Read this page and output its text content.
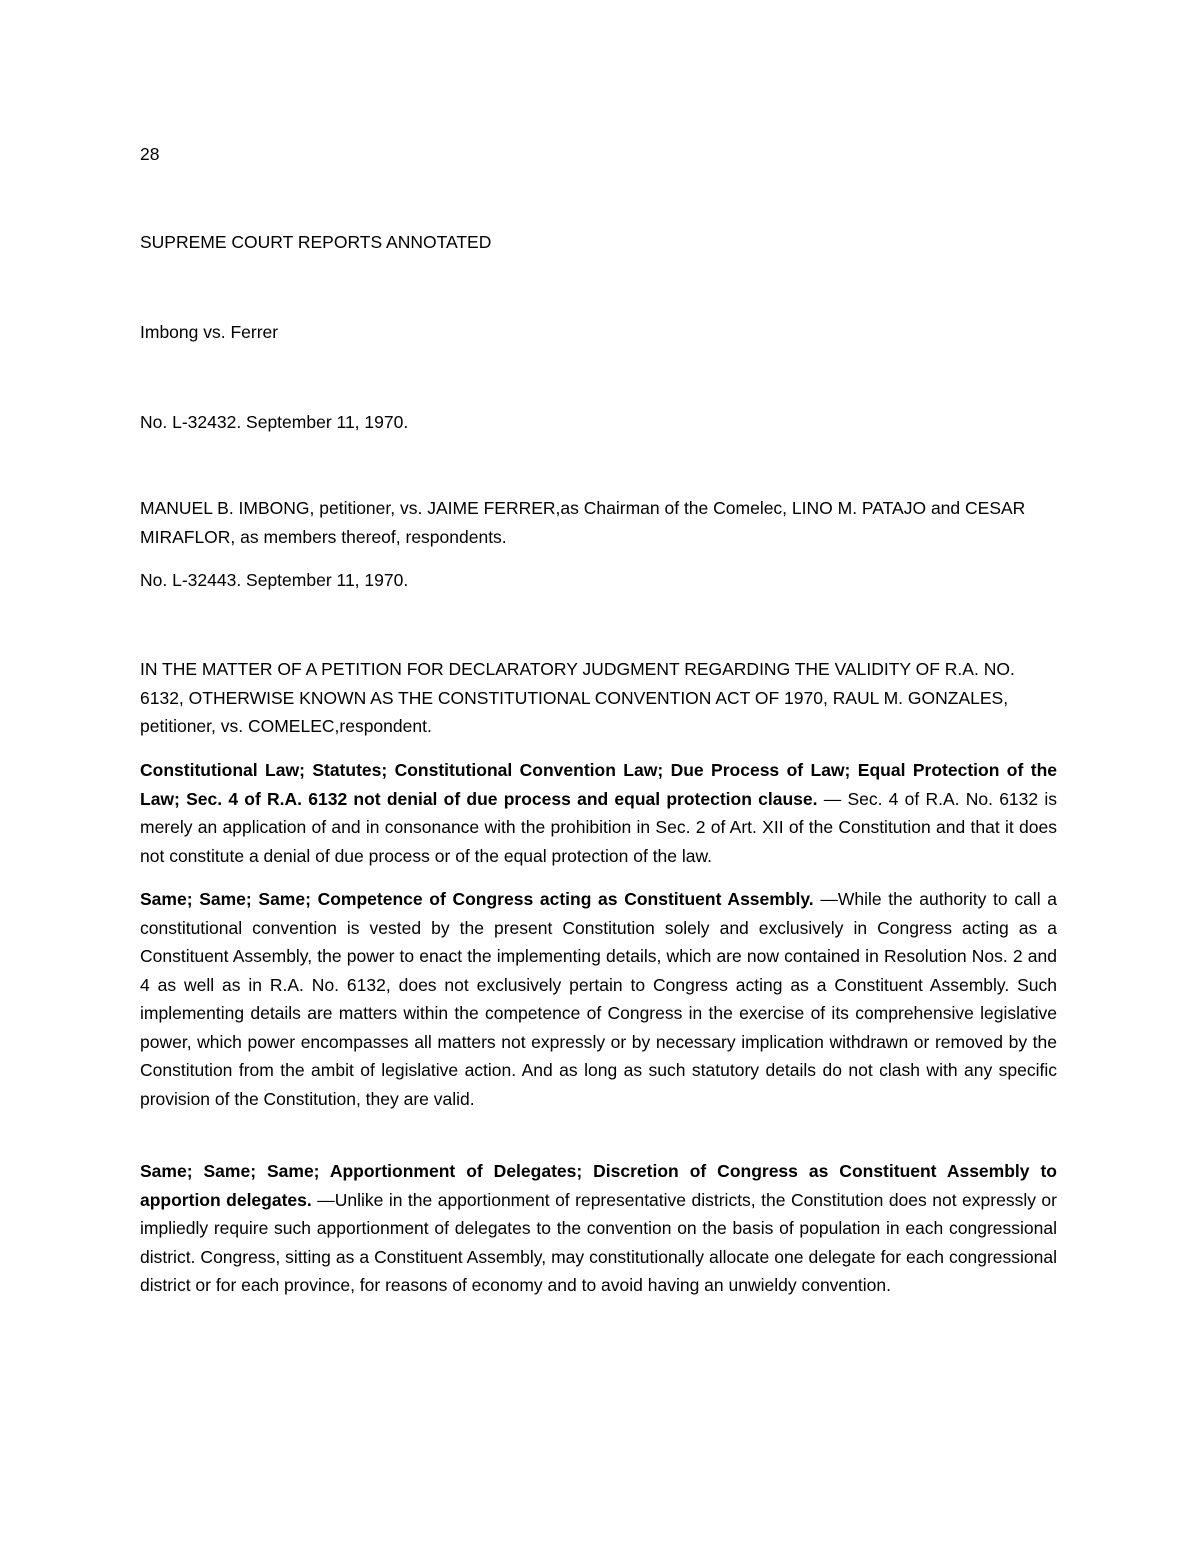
28

SUPREME COURT REPORTS ANNOTATED

Imbong vs. Ferrer

No. L-32432. September 11, 1970.

MANUEL B. IMBONG, petitioner, vs. JAIME FERRER,as Chairman of the Comelec, LINO M. PATAJO and CESAR MIRAFLOR, as members thereof, respondents.

No. L-32443. September 11, 1970.

IN THE MATTER OF A PETITION FOR DECLARATORY JUDGMENT REGARDING THE VALIDITY OF R.A. NO. 6132, OTHERWISE KNOWN AS THE CONSTITUTIONAL CONVENTION ACT OF 1970, RAUL M. GONZALES, petitioner, vs. COMELEC,respondent.

Constitutional Law; Statutes; Constitutional Convention Law; Due Process of Law; Equal Protection of the Law; Sec. 4 of R.A. 6132 not denial of due process and equal protection clause. — Sec. 4 of R.A. No. 6132 is merely an application of and in consonance with the prohibition in Sec. 2 of Art. XII of the Constitution and that it does not constitute a denial of due process or of the equal protection of the law.

Same; Same; Same; Competence of Congress acting as Constituent Assembly. —While the authority to call a constitutional convention is vested by the present Constitution solely and exclusively in Congress acting as a Constituent Assembly, the power to enact the implementing details, which are now contained in Resolution Nos. 2 and 4 as well as in R.A. No. 6132, does not exclusively pertain to Congress acting as a Constituent Assembly. Such implementing details are matters within the competence of Congress in the exercise of its comprehensive legislative power, which power encompasses all matters not expressly or by necessary implication withdrawn or removed by the Constitution from the ambit of legislative action. And as long as such statutory details do not clash with any specific provision of the Constitution, they are valid.

Same; Same; Same; Apportionment of Delegates; Discretion of Congress as Constituent Assembly to apportion delegates. —Unlike in the apportionment of representative districts, the Constitution does not expressly or impliedly require such apportionment of delegates to the convention on the basis of population in each congressional district. Congress, sitting as a Constituent Assembly, may constitutionally allocate one delegate for each congressional district or for each province, for reasons of economy and to avoid having an unwieldy convention.
